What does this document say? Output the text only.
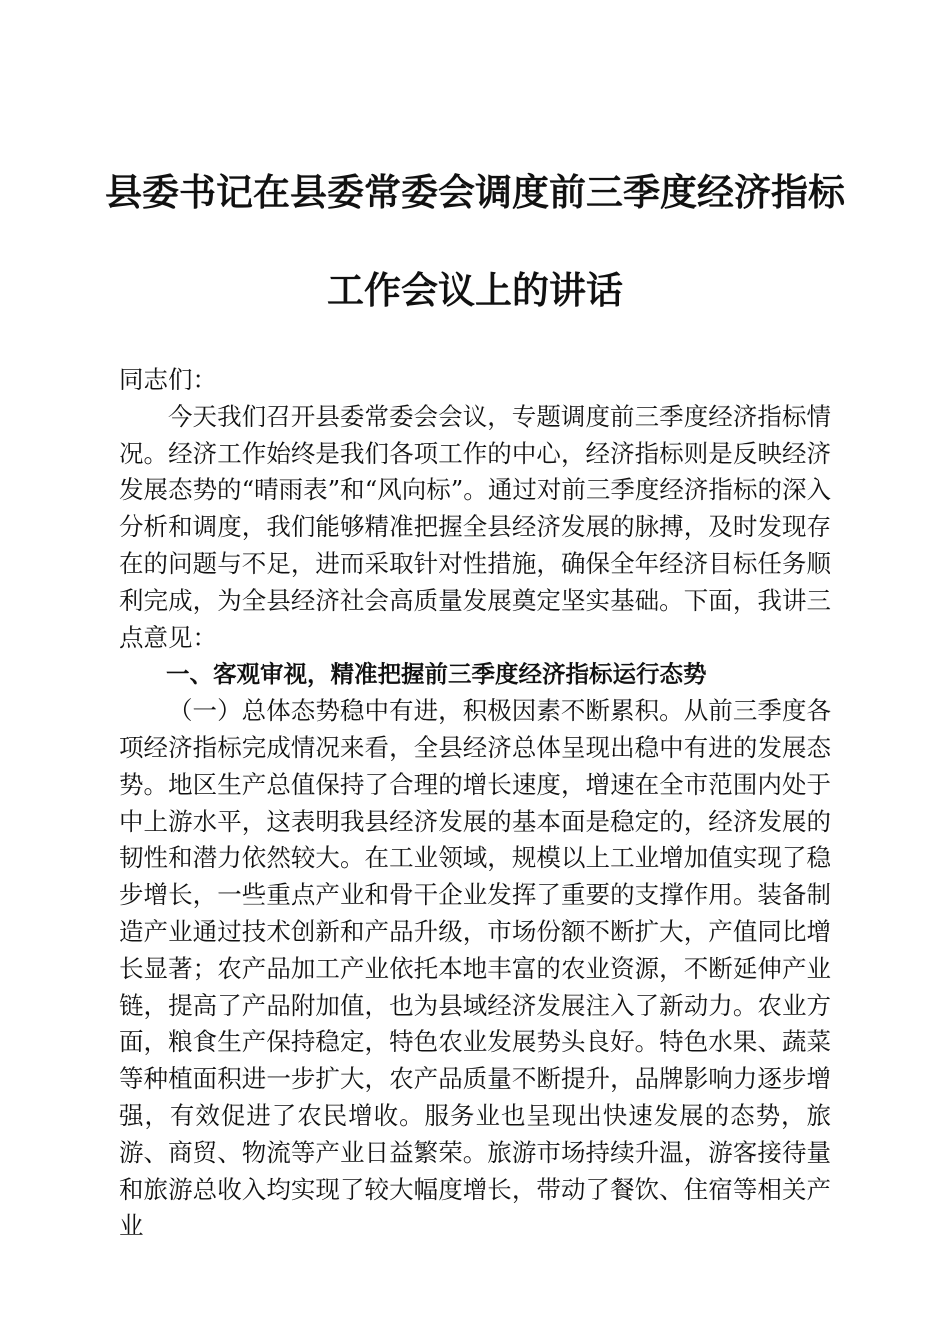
县委书记在县委常委会调度前三季度经济指标
工作会议上的讲话

同志们：

今天我们召开县委常委会会议，专题调度前三季度经济指标情况。经济工作始终是我们各项工作的中心，经济指标则是反映经济发展态势的“晴雨表”和“风向标”。通过对前三季度经济指标的深入分析和调度，我们能够精准把握全县经济发展的脉搏，及时发现存在的问题与不足，进而采取针对性措施，确保全年经济目标任务顺利完成，为全县经济社会高质量发展奠定坚实基础。下面，我讲三点意见：

一、客观审视，精准把握前三季度经济指标运行态势

（一）总体态势稳中有进，积极因素不断累积。从前三季度各项经济指标完成情况来看，全县经济总体呈现出稳中有进的发展态势。地区生产总值保持了合理的增长速度，增速在全市范围内处于中上游水平，这表明我县经济发展的基本面是稳定的，经济发展的韧性和潜力依然较大。在工业领域，规模以上工业增加值实现了稳步增长，一些重点产业和骨干企业发挥了重要的支撑作用。装备制造产业通过技术创新和产品升级，市场份额不断扩大，产值同比增长显著；农产品加工产业依托本地丰富的农业资源，不断延伸产业链，提高了产品附加值，也为县域经济发展注入了新动力。农业方面，粮食生产保持稳定，特色农业发展势头良好。特色水果、蔬菜等种植面积进一步扩大，农产品质量不断提升，品牌影响力逐步增强，有效促进了农民增收。服务业也呈现出快速发展的态势，旅游、商贸、物流等产业日益繁荣。旅游市场持续升温，游客接待量和旅游总收入均实现了较大幅度增长，带动了餐饮、住宿等相关产业
